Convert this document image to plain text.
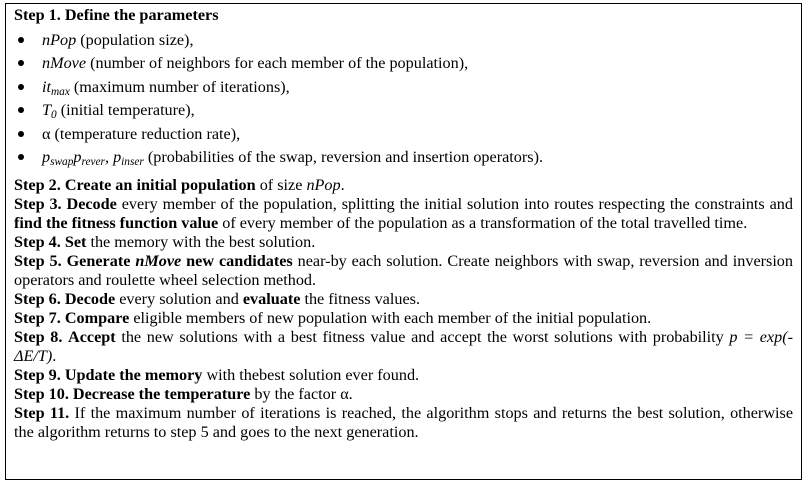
Step 1. Define the parameters
nPop (population size),
nMove (number of neighbors for each member of the population),
$it_{max}$ (maximum number of iterations),
$T_0$ (initial temperature),
α (temperature reduction rate),
$p_{swap}p_{rever}$, $p_{inser}$ (probabilities of the swap, reversion and insertion operators).

Step 2. Create an initial population of size nPop.

Step 3. Decode every member of the population, splitting the initial solution into routes respecting the constraints and find the fitness function value of every member of the population as a transformation of the total travelled time.

Step 4. Set the memory with the best solution.

Step 5. Generate nMove new candidates near-by each solution. Create neighbors with swap, reversion and inversion operators and roulette wheel selection method.

Step 6. Decode every solution and evaluate the fitness values.

Step 7. Compare eligible members of new population with each member of the initial population.

Step 8. Accept the new solutions with a best fitness value and accept the worst solutions with probability p = exp(-ΔE/T).

Step 9. Update the memory with thebest solution ever found.

Step 10. Decrease the temperature by the factor α.

Step 11. If the maximum number of iterations is reached, the algorithm stops and returns the best solution, otherwise the algorithm returns to step 5 and goes to the next generation.
